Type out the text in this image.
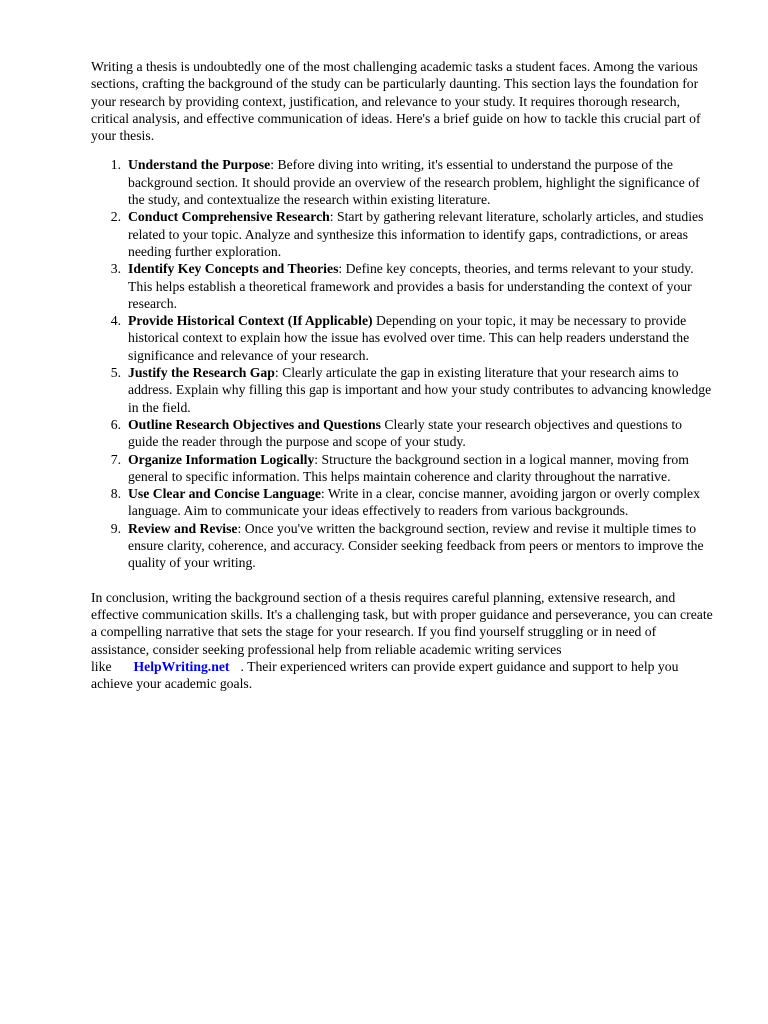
Writing a thesis is undoubtedly one of the most challenging academic tasks a student faces. Among the various sections, crafting the background of the study can be particularly daunting. This section lays the foundation for your research by providing context, justification, and relevance to your study. It requires thorough research, critical analysis, and effective communication of ideas. Here's a brief guide on how to tackle this crucial part of your thesis.

1. Understand the Purpose: Before diving into writing, it's essential to understand the purpose of the background section. It should provide an overview of the research problem, highlight the significance of the study, and contextualize the research within existing literature.
2. Conduct Comprehensive Research: Start by gathering relevant literature, scholarly articles, and studies related to your topic. Analyze and synthesize this information to identify gaps, contradictions, or areas needing further exploration.
3. Identify Key Concepts and Theories: Define key concepts, theories, and terms relevant to your study. This helps establish a theoretical framework and provides a basis for understanding the context of your research.
4. Provide Historical Context (If Applicable) Depending on your topic, it may be necessary to provide historical context to explain how the issue has evolved over time. This can help readers understand the significance and relevance of your research.
5. Justify the Research Gap: Clearly articulate the gap in existing literature that your research aims to address. Explain why filling this gap is important and how your study contributes to advancing knowledge in the field.
6. Outline Research Objectives and Questions Clearly state your research objectives and questions to guide the reader through the purpose and scope of your study.
7. Organize Information Logically: Structure the background section in a logical manner, moving from general to specific information. This helps maintain coherence and clarity throughout the narrative.
8. Use Clear and Concise Language: Write in a clear, concise manner, avoiding jargon or overly complex language. Aim to communicate your ideas effectively to readers from various backgrounds.
9. Review and Revise: Once you've written the background section, review and revise it multiple times to ensure clarity, coherence, and accuracy. Consider seeking feedback from peers or mentors to improve the quality of your writing.

In conclusion, writing the background section of a thesis requires careful planning, extensive research, and effective communication skills. It's a challenging task, but with proper guidance and perseverance, you can create a compelling narrative that sets the stage for your research. If you find yourself struggling or in need of assistance, consider seeking professional help from reliable academic writing services like HelpWriting.net . Their experienced writers can provide expert guidance and support to help you achieve your academic goals.
